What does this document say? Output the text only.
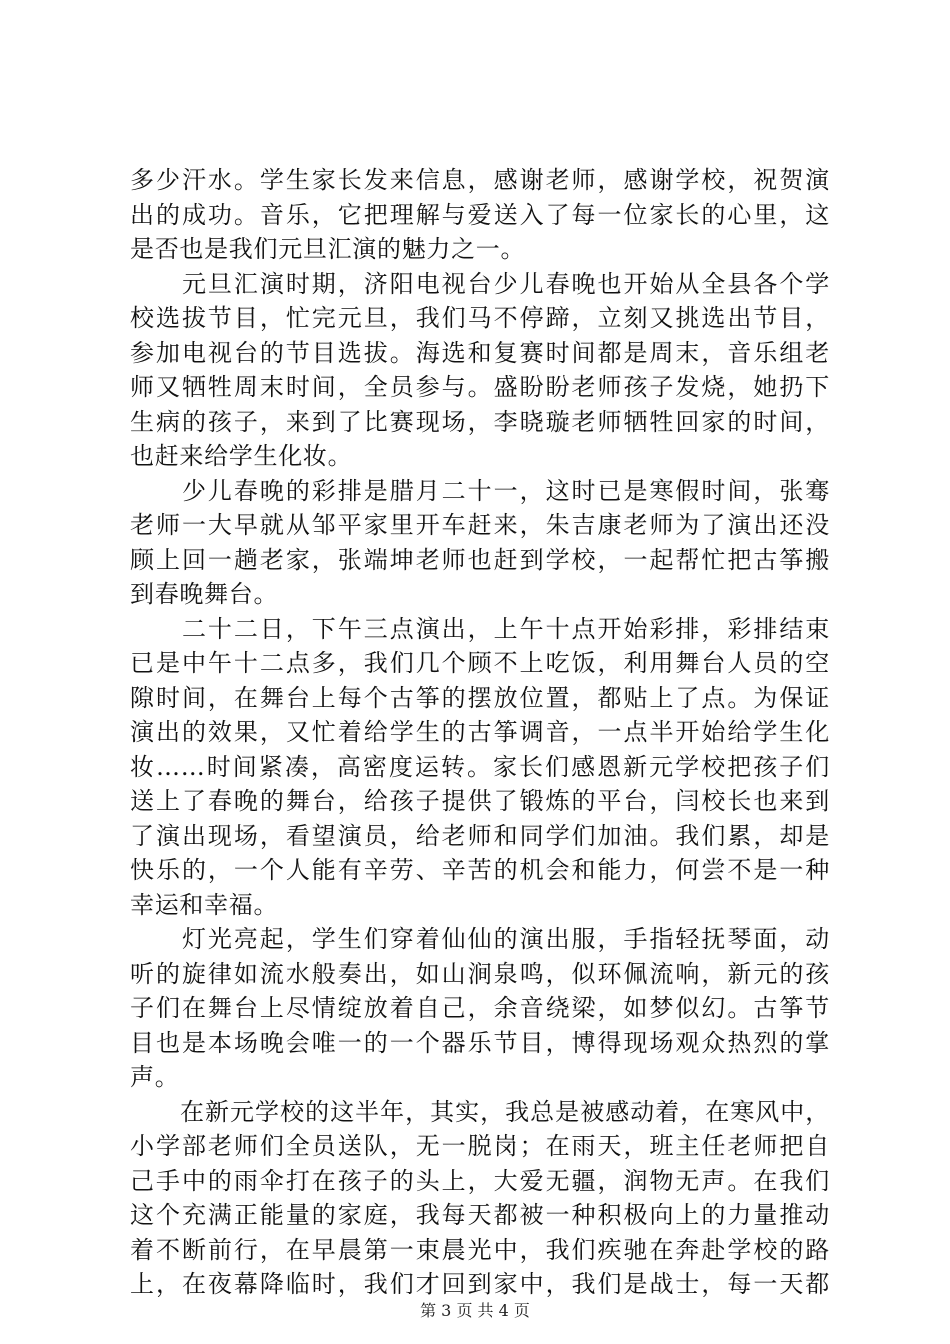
多少汗水。学生家长发来信息，感谢老师，感谢学校，祝贺演
出的成功。音乐，它把理解与爱送入了每一位家长的心里，这
是否也是我们元旦汇演的魅力之一。
　　元旦汇演时期，济阳电视台少儿春晚也开始从全县各个学
校选拔节目，忙完元旦，我们马不停蹄，立刻又挑选出节目，
参加电视台的节目选拔。海选和复赛时间都是周末，音乐组老
师又牺牲周末时间，全员参与。盛盼盼老师孩子发烧，她扔下
生病的孩子，来到了比赛现场，李晓璇老师牺牲回家的时间，
也赶来给学生化妆。
　　少儿春晚的彩排是腊月二十一，这时已是寒假时间，张骞
老师一大早就从邹平家里开车赶来，朱吉康老师为了演出还没
顾上回一趟老家，张端坤老师也赶到学校，一起帮忙把古筝搬
到春晚舞台。
　　二十二日，下午三点演出，上午十点开始彩排，彩排结束
已是中午十二点多，我们几个顾不上吃饭，利用舞台人员的空
隙时间，在舞台上每个古筝的摆放位置，都贴上了点。为保证
演出的效果，又忙着给学生的古筝调音，一点半开始给学生化
妆……时间紧凑，高密度运转。家长们感恩新元学校把孩子们
送上了春晚的舞台，给孩子提供了锻炼的平台，闫校长也来到
了演出现场，看望演员，给老师和同学们加油。我们累，却是
快乐的，一个人能有辛劳、辛苦的机会和能力，何尝不是一种
幸运和幸福。
　　灯光亮起，学生们穿着仙仙的演出服，手指轻抚琴面，动
听的旋律如流水般奏出，如山涧泉鸣，似环佩流响，新元的孩
子们在舞台上尽情绽放着自己，余音绕梁，如梦似幻。古筝节
目也是本场晚会唯一的一个器乐节目，博得现场观众热烈的掌
声。
　　在新元学校的这半年，其实，我总是被感动着，在寒风中，
小学部老师们全员送队，无一脱岗；在雨天，班主任老师把自
己手中的雨伞打在孩子的头上，大爱无疆，润物无声。在我们
这个充满正能量的家庭，我每天都被一种积极向上的力量推动
着不断前行，在早晨第一束晨光中，我们疾驰在奔赴学校的路
上，在夜幕降临时，我们才回到家中，我们是战士，每一天都
第 3 页 共 4 页
